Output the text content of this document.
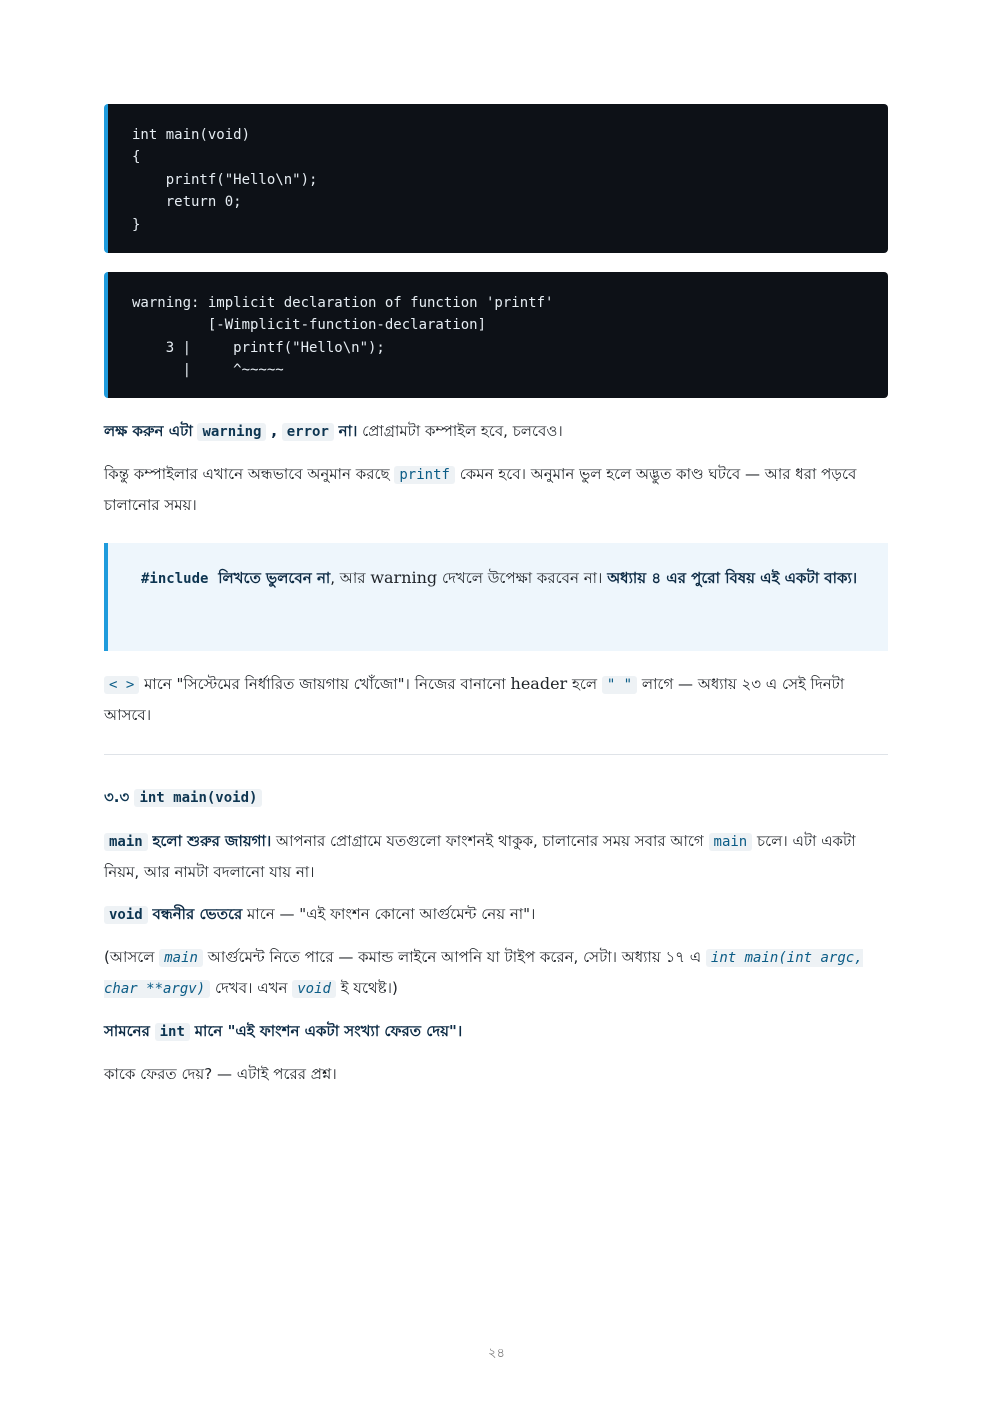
int main(void)
{
printf("Hello\n");
return 0;
}
warning: implicit declaration of function 'printf'
[-Wimplicit-function-declaration]
3 |     printf("Hello\n");
|     ^~~~~~

লক্ষ করুন এটা warning , error না। প্রোগ্রামটা কম্পাইল হবে, চলবেও।

কিন্তু কম্পাইলার এখানে অন্ধভাবে অনুমান করছে printf কেমন হবে। অনুমান ভুল হলে অদ্ভুত কাণ্ড ঘটবে — আর ধরা পড়বে চালানোর সময়।

#include লিখতে ভুলবেন না, আর warning দেখলে উপেক্ষা করবেন না। অধ্যায় ৪ এর পুরো বিষয় এই একটা বাক্য।

< > মানে "সিস্টেমের নির্ধারিত জায়গায় খোঁজো"। নিজের বানানো header হলে " " লাগে — অধ্যায় ২৩ এ সেই দিনটা আসবে।

৩.৩ int main(void)

main হলো শুরুর জায়গা। আপনার প্রোগ্রামে যতগুলো ফাংশনই থাকুক, চালানোর সময় সবার আগে main চলে। এটা একটা নিয়ম, আর নামটা বদলানো যায় না।

void বন্ধনীর ভেতরে মানে — "এই ফাংশন কোনো আর্গুমেন্ট নেয় না"।

(আসলে main আর্গুমেন্ট নিতে পারে — কমান্ড লাইনে আপনি যা টাইপ করেন, সেটা। অধ্যায় ১৭ এ int main(int argc, char **argv) দেখব। এখন void ই যথেষ্ট।)

সামনের int মানে "এই ফাংশন একটা সংখ্যা ফেরত দেয়"।

কাকে ফেরত দেয়? — এটাই পরের প্রশ্ন।

২৪
